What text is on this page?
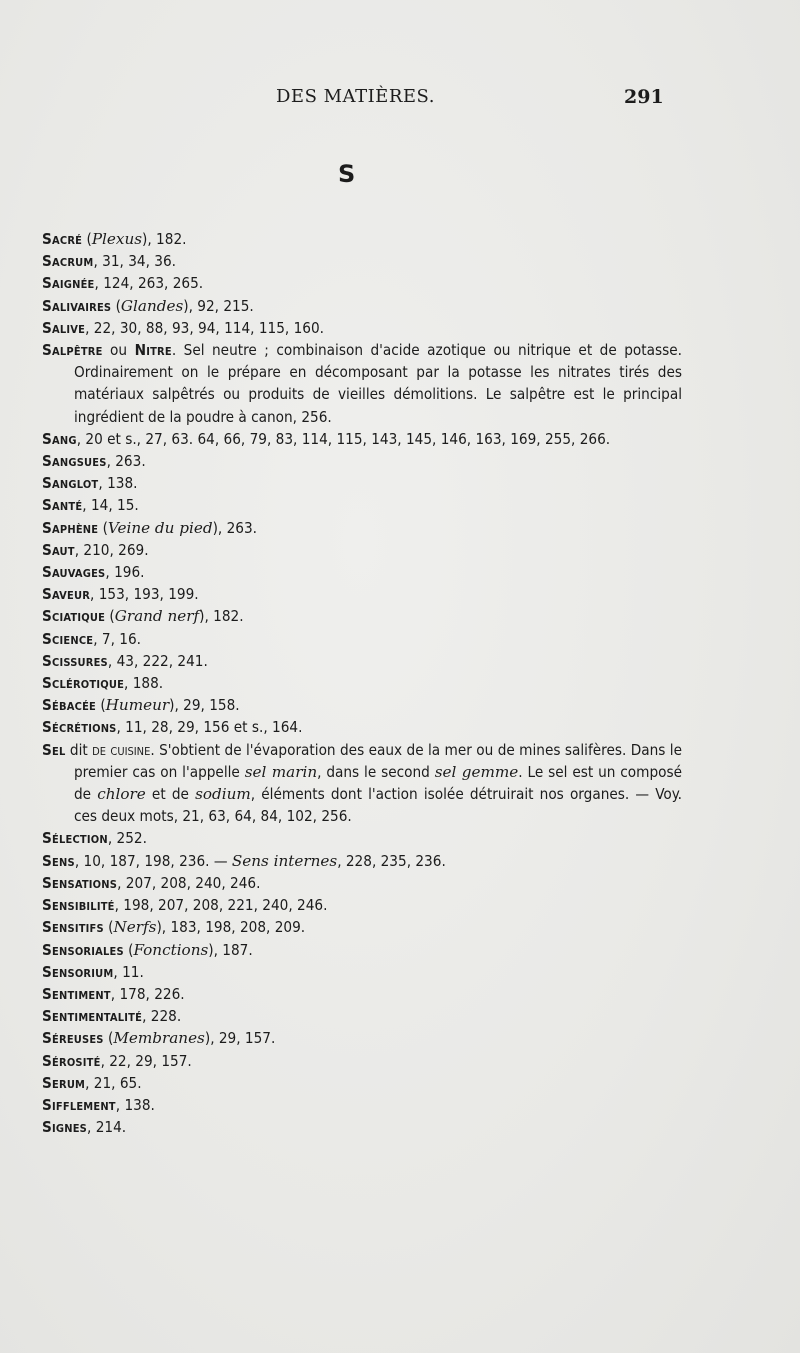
DES MATIÈRES.	291
S
Sacré (Plexus), 182.
Sacrum, 31, 34, 36.
Saignée, 124, 263, 265.
Salivaires (Glandes), 92, 215.
Salive, 22, 30, 88, 93, 94, 114, 115, 160.
Salpêtre ou Nitre. Sel neutre ; combinaison d'acide azotique ou nitrique et de potasse. Ordinairement on le prépare en décomposant par la potasse les nitrates tirés des matériaux salpêtrés ou produits de vieilles démolitions. Le salpêtre est le principal ingrédient de la poudre à canon, 256.
Sang, 20 et s., 27, 63. 64, 66, 79, 83, 114, 115, 143, 145, 146, 163, 169, 255, 266.
Sangsues, 263.
Sanglot, 138.
Santé, 14, 15.
Saphène (Veine du pied), 263.
Saut, 210, 269.
Sauvages, 196.
Saveur, 153, 193, 199.
Sciatique (Grand nerf), 182.
Science, 7, 16.
Scissures, 43, 222, 241.
Sclérotique, 188.
Sébacée (Humeur), 29, 158.
Sécrétions, 11, 28, 29, 156 et s., 164.
Sel dit de cuisine. S'obtient de l'évaporation des eaux de la mer ou de mines salifères. Dans le premier cas on l'appelle sel marin, dans le second sel gemme. Le sel est un composé de chlore et de sodium, éléments dont l'action isolée détruirait nos organes. — Voy. ces deux mots, 21, 63, 64, 84, 102, 256.
Sélection, 252.
Sens, 10, 187, 198, 236. — Sens internes, 228, 235, 236.
Sensations, 207, 208, 240, 246.
Sensibilité, 198, 207, 208, 221, 240, 246.
Sensitifs (Nerfs), 183, 198, 208, 209.
Sensoriales (Fonctions), 187.
Sensorium, 11.
Sentiment, 178, 226.
Sentimentalité, 228.
Séreuses (Membranes), 29, 157.
Sérosité, 22, 29, 157.
Serum, 21, 65.
Sifflement, 138.
Signes, 214.
